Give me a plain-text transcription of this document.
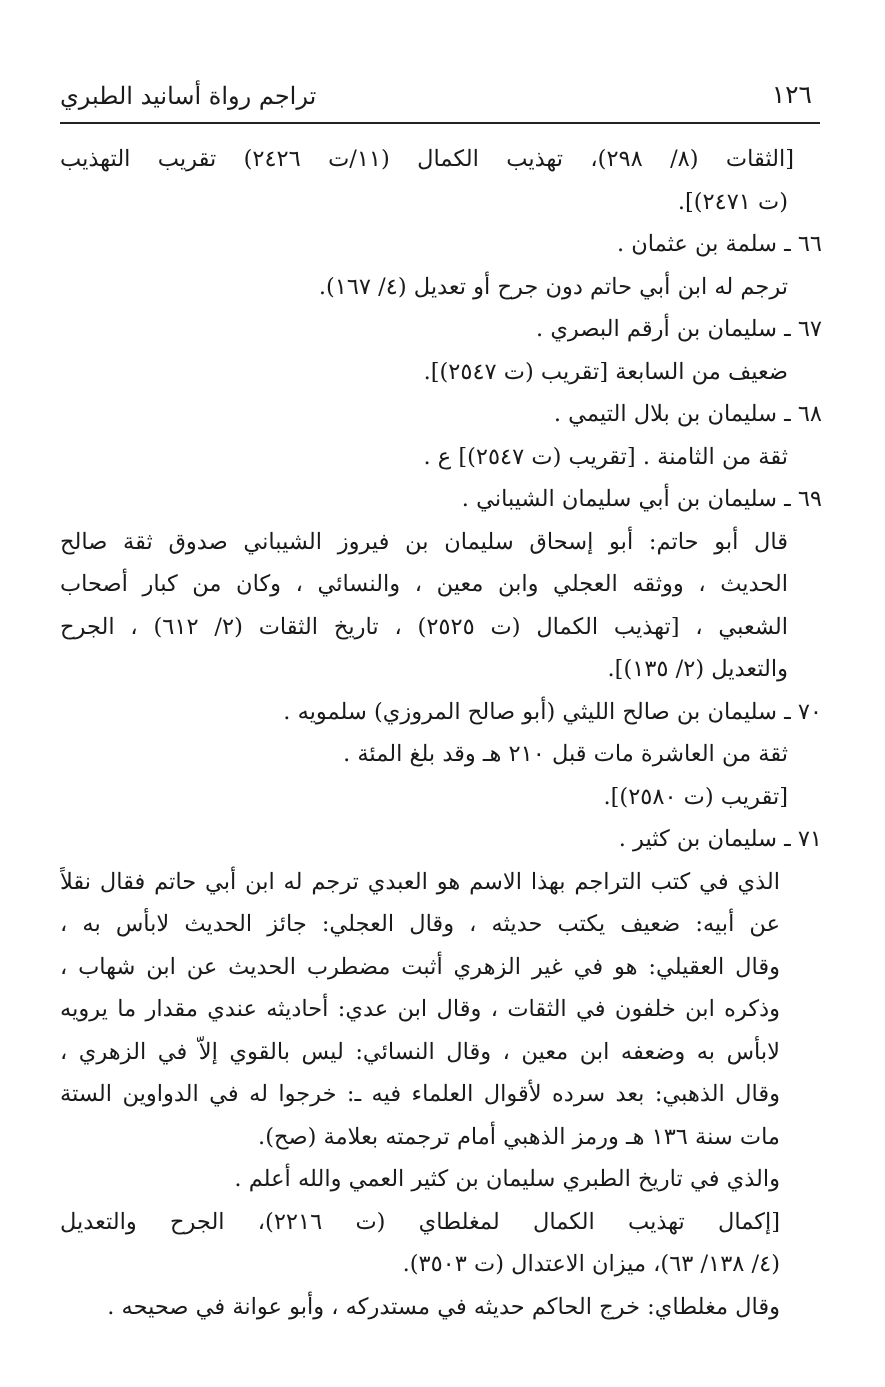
١٢٦
تراجم رواة أسانيد الطبري
[الثقات (٨/ ٢٩٨)، تهذيب الكمال (١١/ت ٢٤٢٦) تقريب التهذيب
(ت ٢٤٧١)].
٦٦ ـ سلمة بن عثمان .
ترجم له ابن أبي حاتم دون جرح أو تعديل (٤/ ١٦٧).
٦٧ ـ سليمان بن أرقم البصري .
ضعيف من السابعة [تقريب (ت ٢٥٤٧)].
٦٨ ـ سليمان بن بلال التيمي .
ثقة من الثامنة . [تقريب (ت ٢٥٤٧)] ع .
٦٩ ـ سليمان بن أبي سليمان الشيباني .
قال أبو حاتم: أبو إسحاق سليمان بن فيروز الشيباني صدوق ثقة صالح
الحديث ، ووثقه العجلي وابن معين ، والنسائي ، وكان من كبار أصحاب
الشعبي ، [تهذيب الكمال (ت ٢٥٢٥) ، تاريخ الثقات (٢/ ٦١٢) ، الجرح
والتعديل (٢/ ١٣٥)].
٧٠ ـ سليمان بن صالح الليثي (أبو صالح المروزي) سلمويه .
ثقة من العاشرة مات قبل ٢١٠ هـ وقد بلغ المئة .
[تقريب (ت ٢٥٨٠)].
٧١ ـ سليمان بن كثير .
الذي في كتب التراجم بهذا الاسم هو العبدي ترجم له ابن أبي حاتم فقال نقلاً
عن أبيه: ضعيف يكتب حديثه ، وقال العجلي: جائز الحديث لابأس به ،
وقال العقيلي: هو في غير الزهري أثبت مضطرب الحديث عن ابن شهاب ،
وذكره ابن خلفون في الثقات ، وقال ابن عدي: أحاديثه عندي مقدار ما يرويه
لابأس به وضعفه ابن معين ، وقال النسائي: ليس بالقوي إلاّ في الزهري ،
وقال الذهبي: بعد سرده لأقوال العلماء فيه ـ: خرجوا له في الدواوين الستة
مات سنة ١٣٦ هـ ورمز الذهبي أمام ترجمته بعلامة (صح).
والذي في تاريخ الطبري سليمان بن كثير العمي والله أعلم .
[إكمال تهذيب الكمال لمغلطاي (ت ٢٢١٦)، الجرح والتعديل
(٤/ ١٣٨/ ٦٣)، ميزان الاعتدال (ت ٣٥٠٣).
وقال مغلطاي: خرج الحاكم حديثه في مستدركه ، وأبو عوانة في صحيحه .
